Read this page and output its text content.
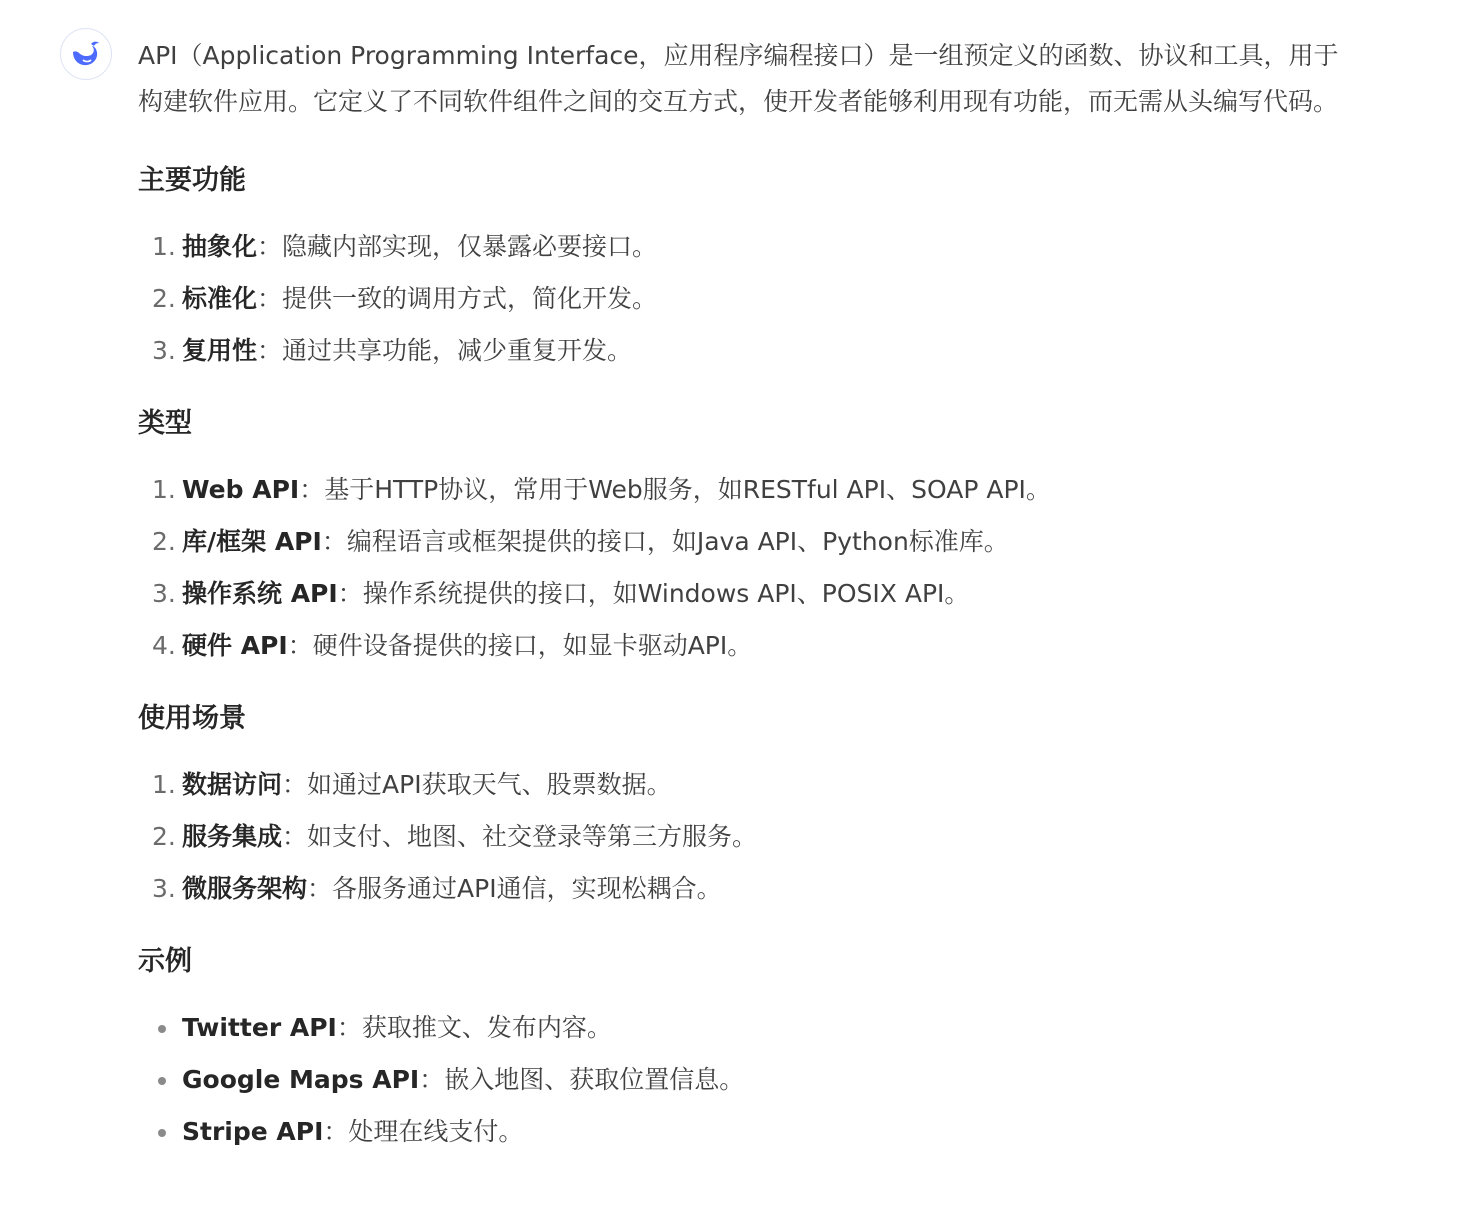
API（Application Programming Interface，应用程序编程接口）是一组预定义的函数、协议和工具，用于构建软件应用。它定义了不同软件组件之间的交互方式，使开发者能够利用现有功能，而无需从头编写代码。

主要功能
1. 抽象化：隐藏内部实现，仅暴露必要接口。
2. 标准化：提供一致的调用方式，简化开发。
3. 复用性：通过共享功能，减少重复开发。
类型
1. Web API：基于HTTP协议，常用于Web服务，如RESTful API、SOAP API。
2. 库/框架 API：编程语言或框架提供的接口，如Java API、Python标准库。
3. 操作系统 API：操作系统提供的接口，如Windows API、POSIX API。
4. 硬件 API：硬件设备提供的接口，如显卡驱动API。
使用场景
1. 数据访问：如通过API获取天气、股票数据。
2. 服务集成：如支付、地图、社交登录等第三方服务。
3. 微服务架构：各服务通过API通信，实现松耦合。
示例
Twitter API：获取推文、发布内容。
Google Maps API：嵌入地图、获取位置信息。
Stripe API：处理在线支付。
